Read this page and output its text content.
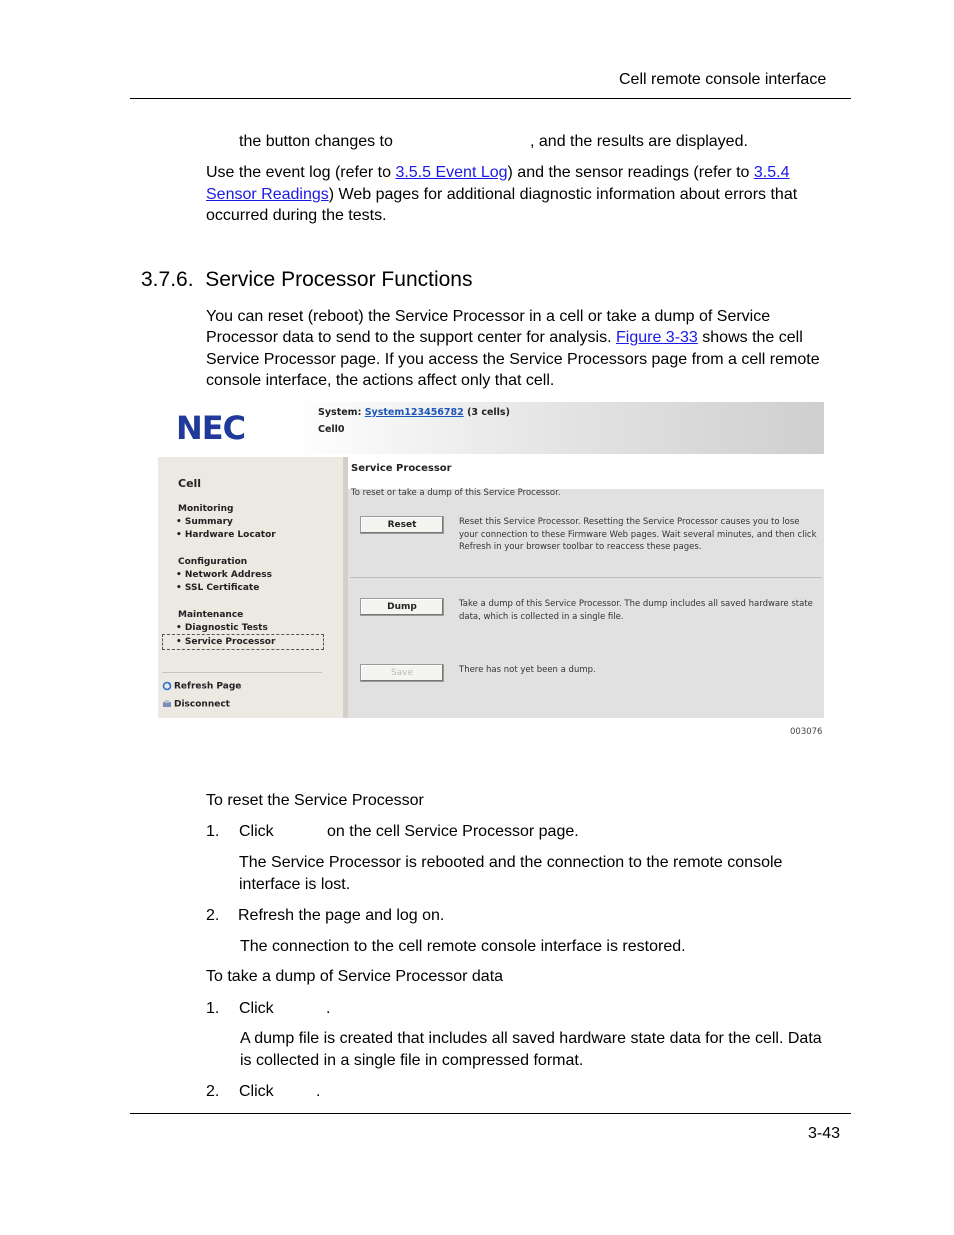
Cell remote console interface
the button changes to	, and the results are displayed.
Use the event log (refer to 3.5.5 Event Log) and the sensor readings (refer to 3.5.4
Sensor Readings) Web pages for additional diagnostic information about errors that
occurred during the tests.
3.7.6.  Service Processor Functions
You can reset (reboot) the Service Processor in a cell or take a dump of Service
Processor data to send to the support center for analysis. Figure 3-33 shows the cell
Service Processor page. If you access the Service Processors page from a cell remote
console interface, the actions affect only that cell.
NEC	System: System123456782 (3 cells)
Cell0
Cell
Monitoring
• Summary
• Hardware Locator
Configuration
• Network Address
• SSL Certificate
Maintenance
• Diagnostic Tests
• Service Processor
Refresh Page
Disconnect
Service Processor
To reset or take a dump of this Service Processor.
Reset	Reset this Service Processor. Resetting the Service Processor causes you to lose your connection to these Firmware Web pages. Wait several minutes, and then click Refresh in your browser toolbar to reaccess these pages.
Dump	Take a dump of this Service Processor. The dump includes all saved hardware state data, which is collected in a single file.
Save	There has not yet been a dump.
003076
To reset the Service Processor
1. Click	on the cell Service Processor page.
The Service Processor is rebooted and the connection to the remote console
interface is lost.
2. Refresh the page and log on.
The connection to the cell remote console interface is restored.
To take a dump of Service Processor data
1. Click	.
A dump file is created that includes all saved hardware state data for the cell. Data
is collected in a single file in compressed format.
2. Click	.
3-43
